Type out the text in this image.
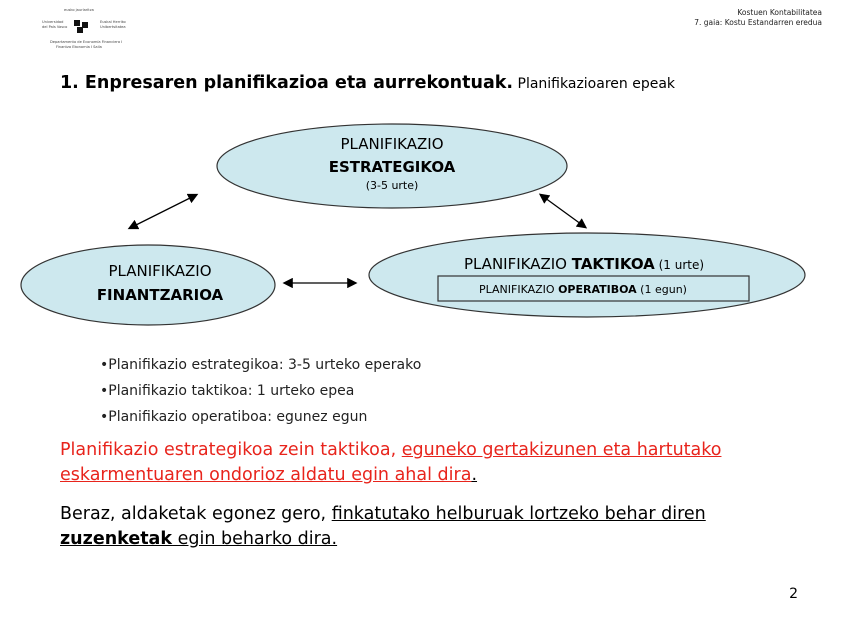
eusko jaurlaritza
Universidad
del País Vasco
Euskal Herriko
Unibertsitatea
Departamento de Economía Financiera I
Finantza Ekonomia I Saila
Kostuen Kontabilitatea
7. gaia: Kostu Estandarren eredua
1. Enpresaren planifikazioa eta aurrekontuak. Planifikazioaren epeak
PLANIFIKAZIO
ESTRATEGIKOA
(3-5 urte)
PLANIFIKAZIO
FINANTZARIOA
PLANIFIKAZIO TAKTIKOA (1 urte)
PLANIFIKAZIO OPERATIBOA (1 egun)
•Planifikazio estrategikoa: 3-5 urteko eperako
•Planifikazio taktikoa: 1 urteko epea
•Planifikazio operatiboa: egunez egun
Planifikazio estrategikoa zein taktikoa, eguneko gertakizunen eta hartutako eskarmentuaren ondorioz aldatu egin ahal dira.
Beraz, aldaketak egonez gero, finkatutako helburuak lortzeko behar diren zuzenketak egin beharko dira.
2
